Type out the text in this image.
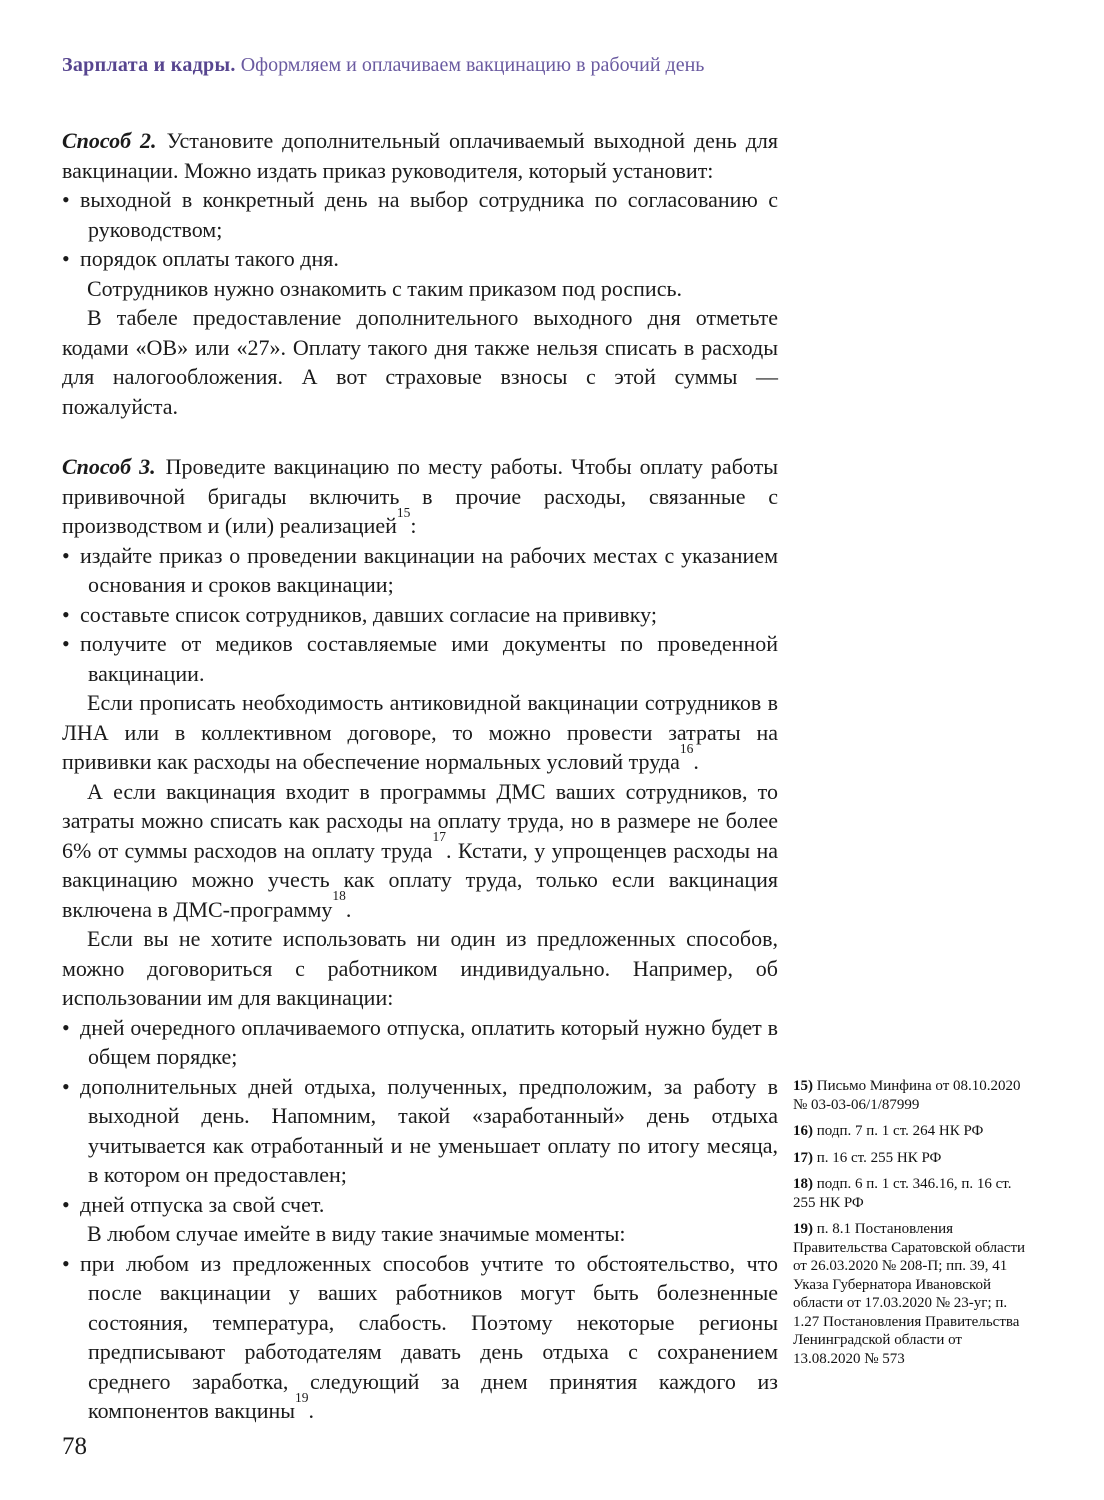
Зарплата и кадры. Оформляем и оплачиваем вакцинацию в рабочий день

Способ 2. Установите дополнительный оплачиваемый выходной день для вакцинации. Можно издать приказ руководителя, который установит:

• выходной в конкретный день на выбор сотрудника по согласованию с руководством;
• порядок оплаты такого дня.

Сотрудников нужно ознакомить с таким приказом под роспись.

В табеле предоставление дополнительного выходного дня отметьте кодами «ОВ» или «27». Оплату такого дня также нельзя списать в расходы для налогообложения. А вот страховые взносы с этой суммы — пожалуйста.

Способ 3. Проведите вакцинацию по месту работы. Чтобы оплату работы прививочной бригады включить в прочие расходы, связанные с производством и (или) реализацией$^{15}$:

• издайте приказ о проведении вакцинации на рабочих местах с указанием основания и сроков вакцинации;
• составьте список сотрудников, давших согласие на прививку;
• получите от медиков составляемые ими документы по проведенной вакцинации.

Если прописать необходимость антиковидной вакцинации сотрудников в ЛНА или в коллективном договоре, то можно провести затраты на прививки как расходы на обеспечение нормальных условий труда$^{16}$.

А если вакцинация входит в программы ДМС ваших сотрудников, то затраты можно списать как расходы на оплату труда, но в размере не более 6% от суммы расходов на оплату труда$^{17}$. Кстати, у упрощенцев расходы на вакцинацию можно учесть как оплату труда, только если вакцинация включена в ДМС-программу$^{18}$.

Если вы не хотите использовать ни один из предложенных способов, можно договориться с работником индивидуально. Например, об использовании им для вакцинации:

• дней очередного оплачиваемого отпуска, оплатить который нужно будет в общем порядке;
• дополнительных дней отдыха, полученных, предположим, за работу в выходной день. Напомним, такой «заработанный» день отдыха учитывается как отработанный и не уменьшает оплату по итогу месяца, в котором он предоставлен;
• дней отпуска за свой счет.

В любом случае имейте в виду такие значимые моменты:

• при любом из предложенных способов учтите то обстоятельство, что после вакцинации у ваших работников могут быть болезненные состояния, температура, слабость. Поэтому некоторые регионы предписывают работодателям давать день отдыха с сохранением среднего заработка, следующий за днем принятия каждого из компонентов вакцины$^{19}$.

15) Письмо Минфина от 08.10.2020 № 03-03-06/1/87999

16) подп. 7 п. 1 ст. 264 НК РФ

17) п. 16 ст. 255 НК РФ

18) подп. 6 п. 1 ст. 346.16, п. 16 ст. 255 НК РФ

19) п. 8.1 Постановления Правительства Саратовской области от 26.03.2020 № 208-П; пп. 39, 41 Указа Губернатора Ивановской области от 17.03.2020 № 23-уг; п. 1.27 Постановления Правительства Ленинградской области от 13.08.2020 № 573

78
